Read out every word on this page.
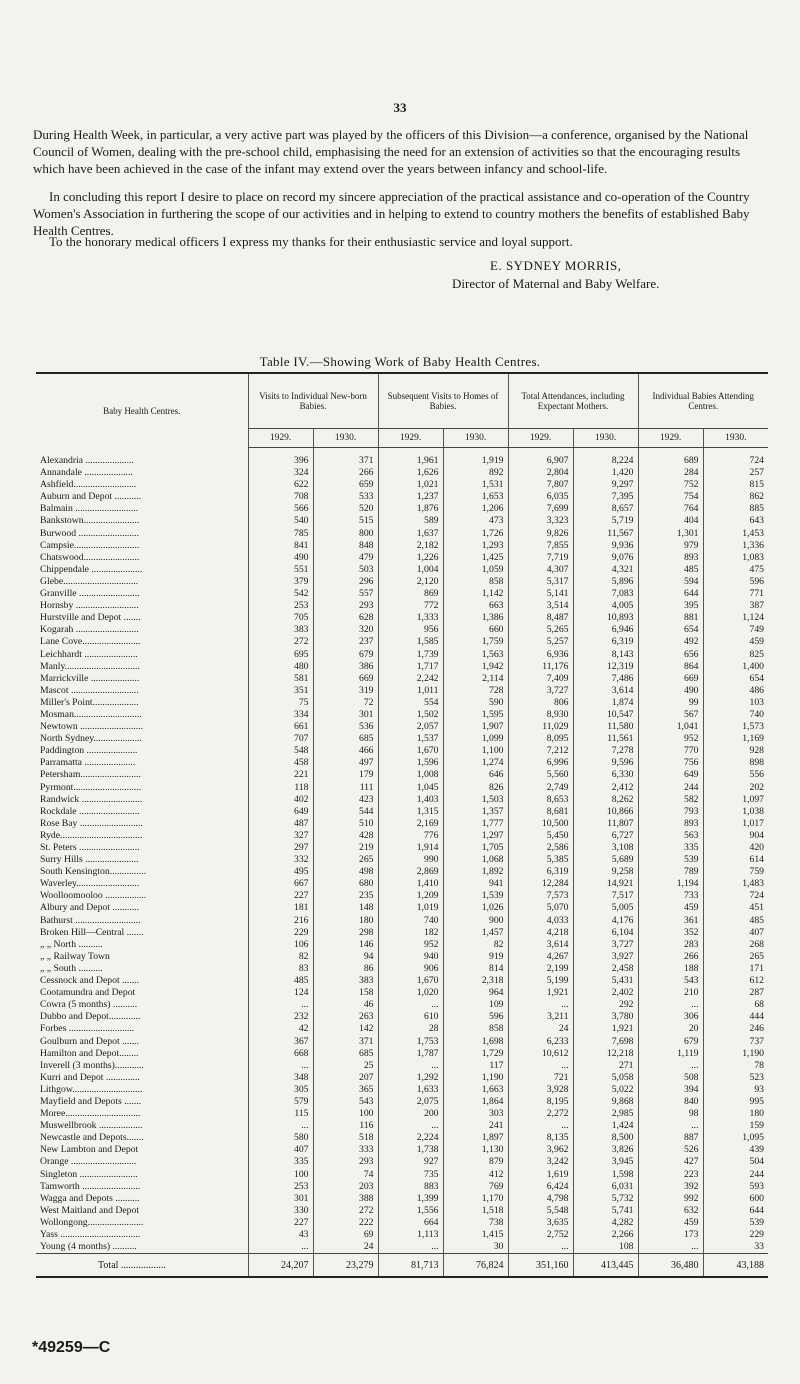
33

During Health Week, in particular, a very active part was played by the officers of this Division—a conference, organised by the National Council of Women, dealing with the pre-school child, emphasising the need for an extension of activities so that the encouraging results which have been achieved in the case of the infant may extend over the years between infancy and school-life.

In concluding this report I desire to place on record my sincere appreciation of the practical assistance and co-operation of the Country Women's Association in furthering the scope of our activities and in helping to extend to country mothers the benefits of established Baby Health Centres.

To the honorary medical officers I express my thanks for their enthusiastic service and loyal support.

E. SYDNEY MORRIS,
Director of Maternal and Baby Welfare.
Table IV.—Showing Work of Baby Health Centres.
Baby Health Centres.	Visits to Individual New-born Babies.		Subsequent Visits to Homes of Babies.		Total Attendances, including Expectant Mothers.		Individual Babies Attending Centres.	
	1929.	1930.	1929.	1930.	1929.	1930.	1929.	1930.

Alexandria ....................	396	371	1,961	1,919	6,907	8,224	689	724
Annandale ....................	324	266	1,626	892	2,804	1,420	284	257
Ashfield..........................	622	659	1,021	1,531	7,807	9,297	752	815
Auburn and Depot ...........	708	533	1,237	1,653	6,035	7,395	754	862
Balmain ..........................	566	520	1,876	1,206	7,699	8,657	764	885
Bankstown.......................	540	515	589	473	3,323	5,719	404	643
Burwood .........................	785	800	1,637	1,726	9,826	11,567	1,301	1,453
Campsie...........................	841	848	2,182	1,293	7,855	9,936	979	1,336
Chatswood.......................	490	479	1,226	1,425	7,719	9,076	893	1,083
Chippendale .....................	551	503	1,004	1,059	4,307	4,321	485	475
Glebe...............................	379	296	2,120	858	5,317	5,896	594	596
Granville .........................	542	557	869	1,142	5,141	7,083	644	771
Hornsby ..........................	253	293	772	663	3,514	4,005	395	387
Hurstville and Depot .......	705	628	1,333	1,386	8,487	10,893	881	1,124
Kogarah ..........................	383	320	956	660	5,265	6,946	654	749
Lane Cove........................	272	237	1,585	1,759	5,257	6,319	492	459
Leichhardt ......................	695	679	1,739	1,563	6,936	8,143	656	825
Manly...............................	480	386	1,717	1,942	11,176	12,319	864	1,400
Marrickville ....................	581	669	2,242	2,114	7,409	7,486	669	654
Mascot ............................	351	319	1,011	728	3,727	3,614	490	486
Miller's Point...................	75	72	554	590	806	1,874	99	103
Mosman............................	334	301	1,502	1,595	8,930	10,547	567	740
Newtown ..........................	661	536	2,057	1,907	11,029	11,580	1,041	1,573
North Sydney....................	707	685	1,537	1,099	8,095	11,561	952	1,169
Paddington .....................	548	466	1,670	1,100	7,212	7,278	770	928
Parramatta .....................	458	497	1,596	1,274	6,996	9,596	756	898
Petersham.........................	221	179	1,008	646	5,560	6,330	649	556
Pyrmont............................	118	111	1,045	826	2,749	2,412	244	202
Randwick .........................	402	423	1,403	1,503	8,653	8,262	582	1,097
Rockdale .........................	649	544	1,315	1,357	8,681	10,866	793	1,038
Rose Bay ..........................	487	510	2,169	1,777	10,500	11,807	893	1,017
Ryde..................................	327	428	776	1,297	5,450	6,727	563	904
St. Peters .........................	297	219	1,914	1,705	2,586	3,108	335	420
Surry Hills ......................	332	265	990	1,068	5,385	5,689	539	614
South Kensington...............	495	498	2,869	1,892	6,319	9,258	789	759
Waverley..........................	667	680	1,410	941	12,284	14,921	1,194	1,483
Woolloomooloo .................	227	235	1,209	1,539	7,573	7,517	733	724
Albury and Depot ...........	181	148	1,019	1,026	5,070	5,005	459	451
Bathurst ...........................	216	180	740	900	4,033	4,176	361	485
Broken Hill—Central .......	229	298	182	1,457	4,218	6,104	352	407
„ „ North ..........	106	146	952	82	3,614	3,727	283	268
„ „ Railway Town	82	94	940	919	4,267	3,927	266	265
„ „ South ..........	83	86	906	814	2,199	2,458	188	171
Cessnock and Depot .......	485	383	1,670	2,318	5,199	5,431	543	612
Cootamundra and Depot	124	158	1,020	964	1,921	2,402	210	287
Cowra (5 months) ..........	...	46	...	109	...	292	...	68
Dubbo and Depot.............	232	263	610	596	3,211	3,780	306	444
Forbes ...........................	42	142	28	858	24	1,921	20	246
Goulburn and Depot .......	367	371	1,753	1,698	6,233	7,698	679	737
Hamilton and Depot........	668	685	1,787	1,729	10,612	12,218	1,119	1,190
Inverell (3 months)............	...	25	...	117	...	271	...	78
Kurri and Depot ..............	348	207	1,292	1,190	721	5,058	508	523
Lithgow.............................	305	365	1,633	1,663	3,928	5,022	394	93
Mayfield and Depots .......	579	543	2,075	1,864	8,195	9,868	840	995
Moree...............................	115	100	200	303	2,272	2,985	98	180
Muswellbrook ..................	...	116	...	241	...	1,424	...	159
Newcastle and Depots.......	580	518	2,224	1,897	8,135	8,500	887	1,095
New Lambton and Depot	407	333	1,738	1,130	3,962	3,826	526	439
Orange ...........................	335	293	927	879	3,242	3,945	427	504
Singleton ........................	100	74	735	412	1,619	1,598	223	244
Tamworth ........................	253	203	883	769	6,424	6,031	392	593
Wagga and Depots ..........	301	388	1,399	1,170	4,798	5,732	992	600
West Maitland and Depot	330	272	1,556	1,518	5,548	5,741	632	644
Wollongong.......................	227	222	664	738	3,635	4,282	459	539
Yass .................................	43	69	1,113	1,415	2,752	2,266	173	229
Young (4 months) ..........	...	24	...	30	...	108	...	33
Total ..................	24,207	23,279	81,713	76,824	351,160	413,445	36,480	43,188
*49259—C
